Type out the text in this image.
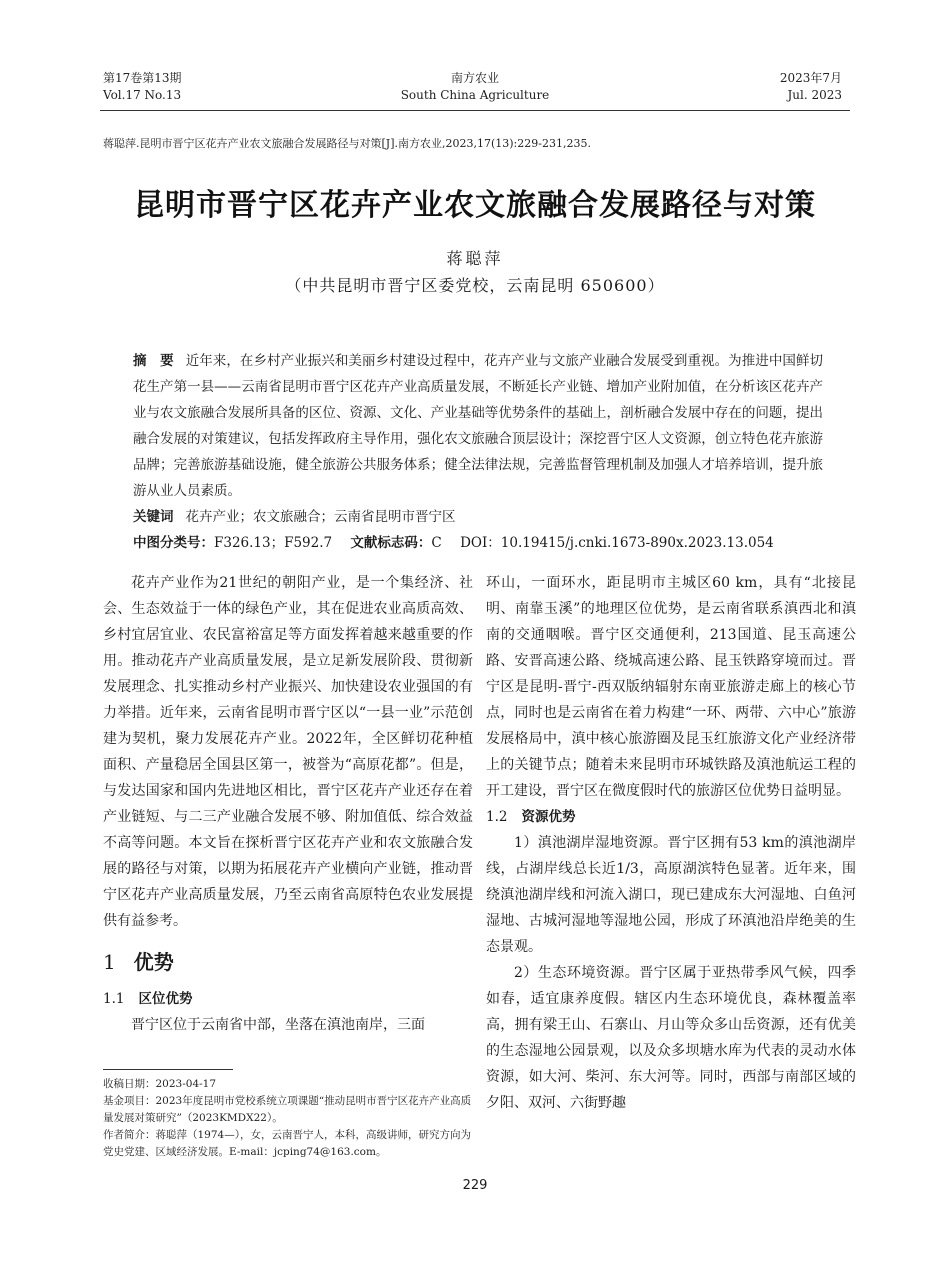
第17卷第13期
Vol.17 No.13
南方农业
South China Agriculture
2023年7月
Jul. 2023
蒋聪萍.昆明市晋宁区花卉产业农文旅融合发展路径与对策[J].南方农业,2023,17(13):229-231,235.
昆明市晋宁区花卉产业农文旅融合发展路径与对策
蒋聪萍
（中共昆明市晋宁区委党校，云南昆明 650600）

摘　要 近年来，在乡村产业振兴和美丽乡村建设过程中，花卉产业与文旅产业融合发展受到重视。为推进中国鲜切花生产第一县——云南省昆明市晋宁区花卉产业高质量发展，不断延长产业链、增加产业附加值，在分析该区花卉产业与农文旅融合发展所具备的区位、资源、文化、产业基础等优势条件的基础上，剖析融合发展中存在的问题，提出融合发展的对策建议，包括发挥政府主导作用，强化农文旅融合顶层设计；深挖晋宁区人文资源，创立特色花卉旅游品牌；完善旅游基础设施，健全旅游公共服务体系；健全法律法规，完善监督管理机制及加强人才培养培训，提升旅游从业人员素质。

关键词 花卉产业；农文旅融合；云南省昆明市晋宁区

中图分类号：F326.13；F592.7 文献标志码：C DOI：10.19415/j.cnki.1673-890x.2023.13.054

花卉产业作为21世纪的朝阳产业，是一个集经济、社会、生态效益于一体的绿色产业，其在促进农业高质高效、乡村宜居宜业、农民富裕富足等方面发挥着越来越重要的作用。推动花卉产业高质量发展，是立足新发展阶段、贯彻新发展理念、扎实推动乡村产业振兴、加快建设农业强国的有力举措。近年来，云南省昆明市晋宁区以“一县一业”示范创建为契机，聚力发展花卉产业。2022年，全区鲜切花种植面积、产量稳居全国县区第一，被誉为“高原花都”。但是，与发达国家和国内先进地区相比，晋宁区花卉产业还存在着产业链短、与二三产业融合发展不够、附加值低、综合效益不高等问题。本文旨在探析晋宁区花卉产业和农文旅融合发展的路径与对策，以期为拓展花卉产业横向产业链，推动晋宁区花卉产业高质量发展，乃至云南省高原特色农业发展提供有益参考。

1 优势
1.1 区位优势

晋宁区位于云南省中部，坐落在滇池南岸，三面

收稿日期：2023-04-17

基金项目：2023年度昆明市党校系统立项课题“推动昆明市晋宁区花卉产业高质量发展对策研究”（2023KMDX22）。

作者简介：蒋聪萍（1974—），女，云南晋宁人，本科，高级讲师，研究方向为党史党建、区域经济发展。E-mail：jcping74@163.com。

环山，一面环水，距昆明市主城区60 km，具有“北接昆明、南靠玉溪”的地理区位优势，是云南省联系滇西北和滇南的交通咽喉。晋宁区交通便利，213国道、昆玉高速公路、安晋高速公路、绕城高速公路、昆玉铁路穿境而过。晋宁区是昆明-晋宁-西双版纳辐射东南亚旅游走廊上的核心节点，同时也是云南省在着力构建“一环、两带、六中心”旅游发展格局中，滇中核心旅游圈及昆玉红旅游文化产业经济带上的关键节点；随着未来昆明市环城铁路及滇池航运工程的开工建设，晋宁区在微度假时代的旅游区位优势日益明显。

1.2 资源优势

1）滇池湖岸湿地资源。晋宁区拥有53 km的滇池湖岸线，占湖岸线总长近1/3，高原湖滨特色显著。近年来，围绕滇池湖岸线和河流入湖口，现已建成东大河湿地、白鱼河湿地、古城河湿地等湿地公园，形成了环滇池沿岸绝美的生态景观。

2）生态环境资源。晋宁区属于亚热带季风气候，四季如春，适宜康养度假。辖区内生态环境优良，森林覆盖率高，拥有梁王山、石寨山、月山等众多山岳资源，还有优美的生态湿地公园景观，以及众多坝塘水库为代表的灵动水体资源，如大河、柴河、东大河等。同时，西部与南部区域的夕阳、双河、六街野趣

229
